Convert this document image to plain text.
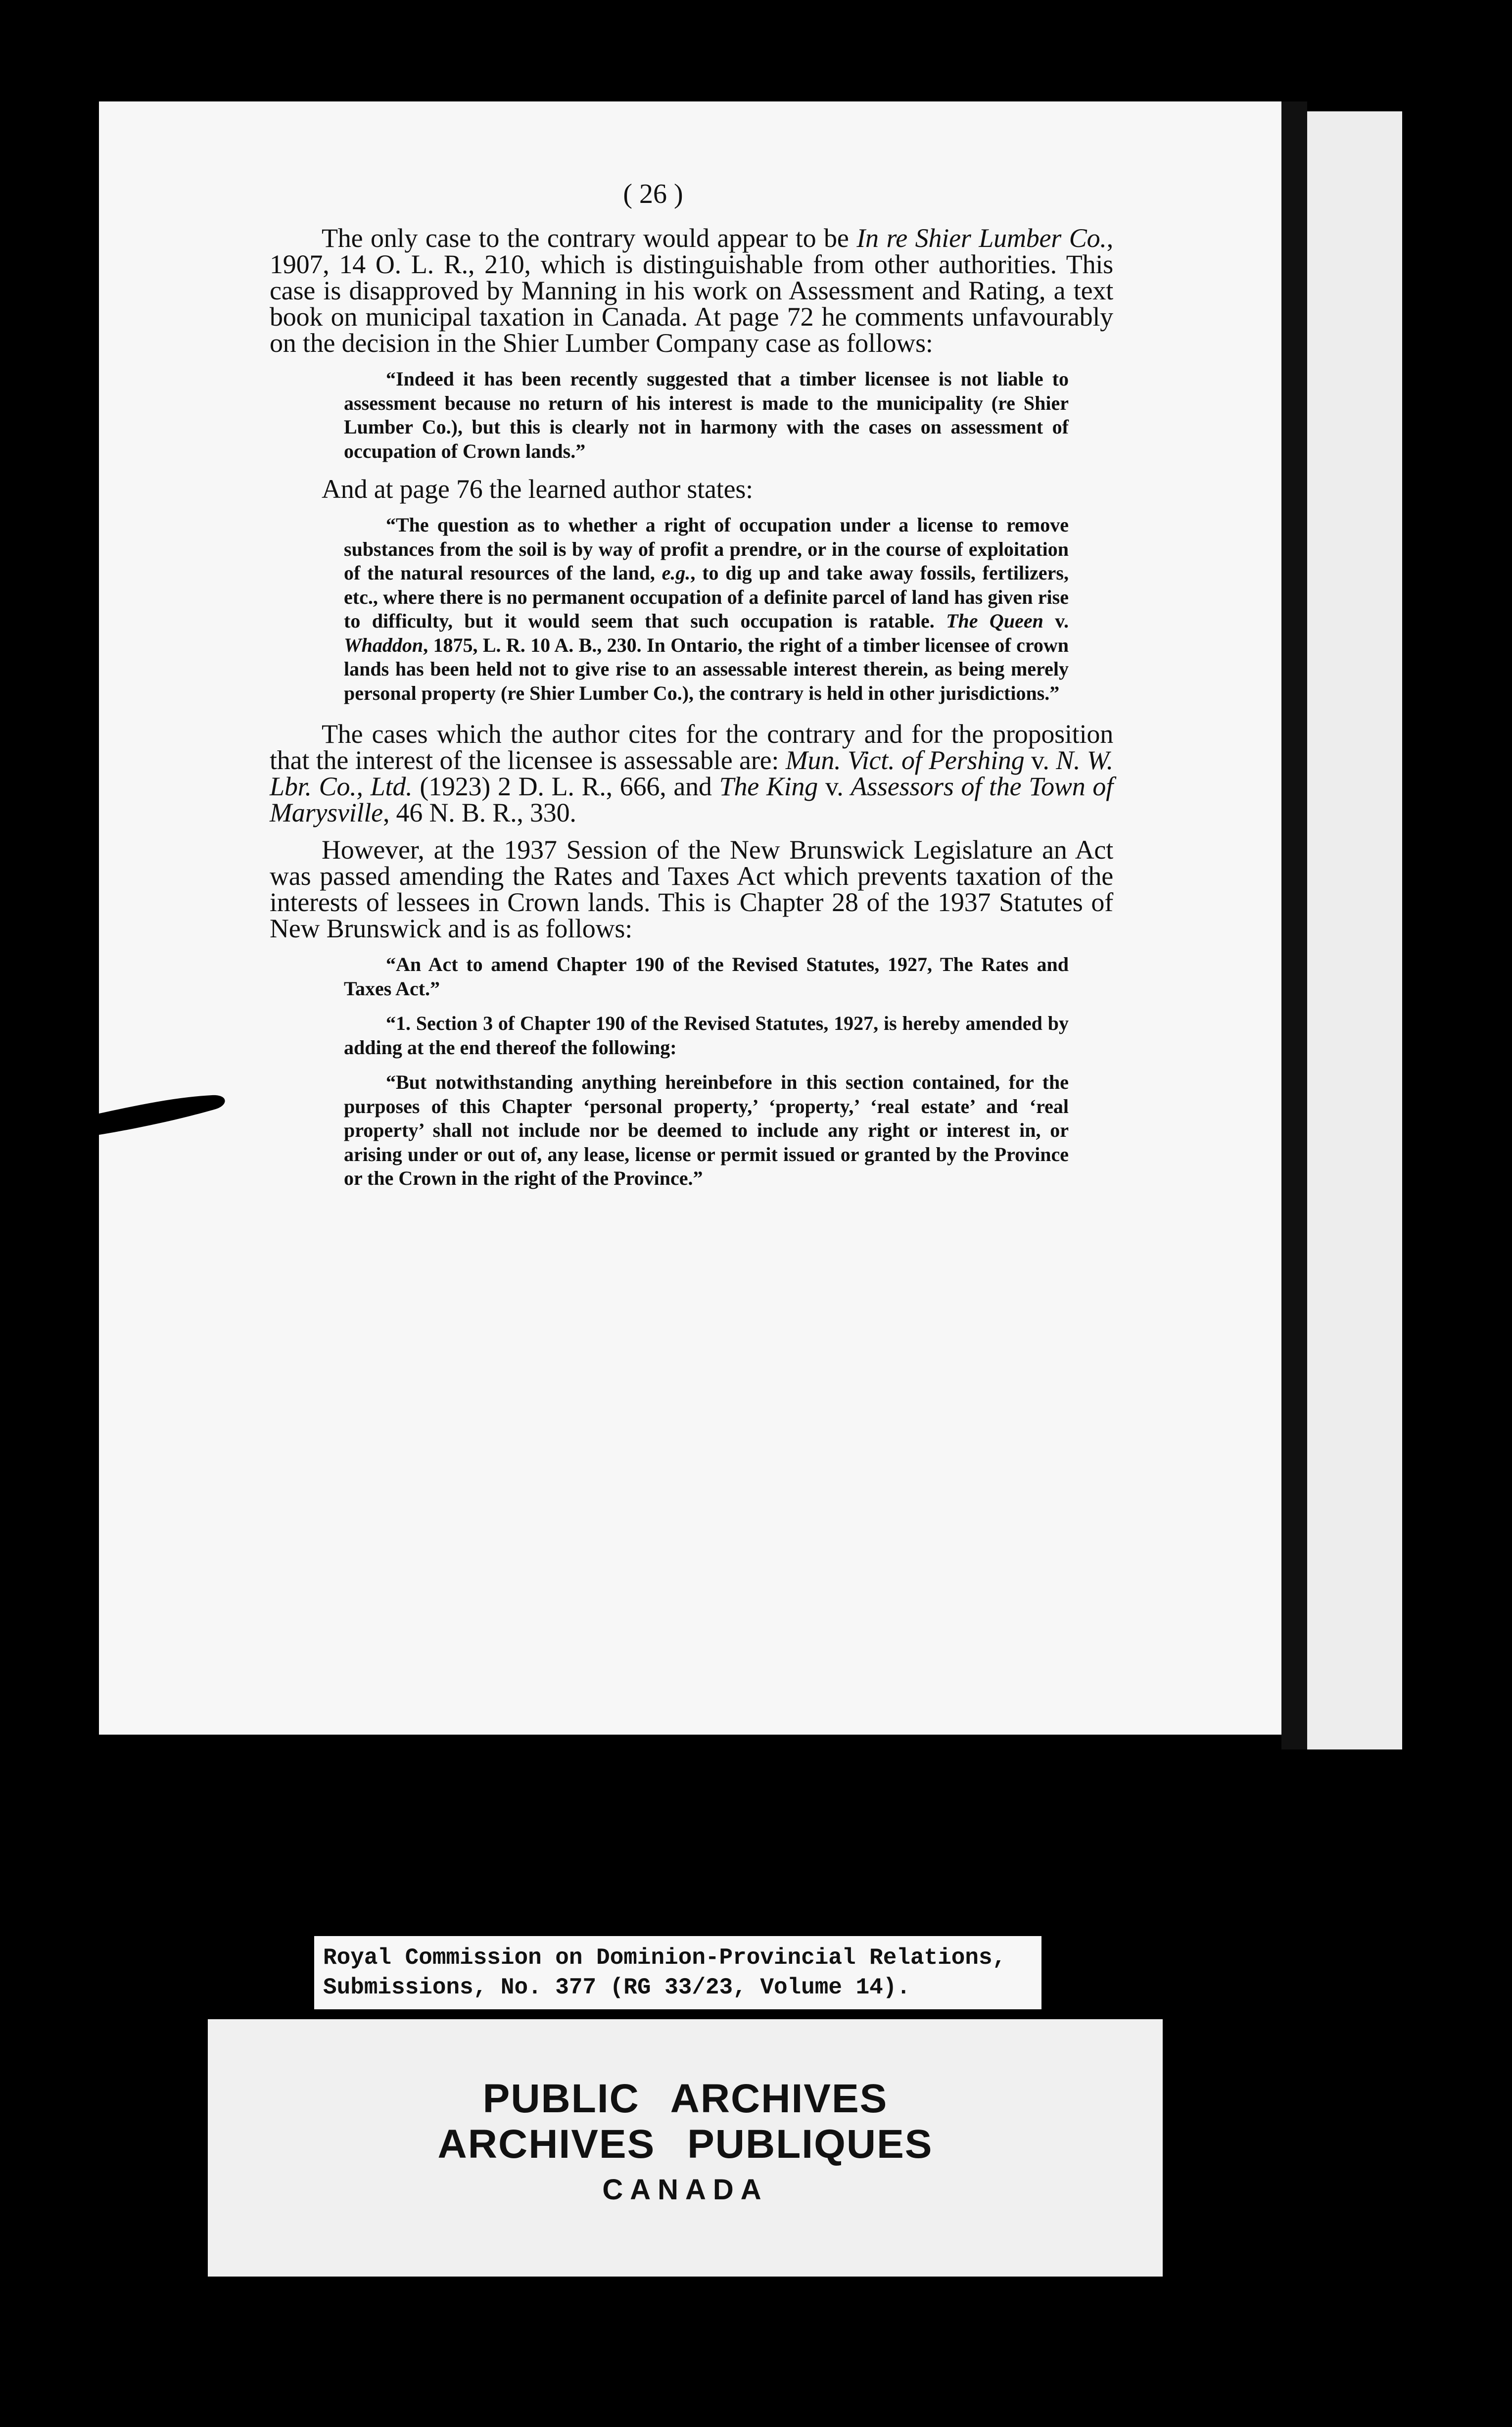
( 26 )

The only case to the contrary would appear to be In re Shier Lumber Co., 1907, 14 O. L. R., 210, which is distinguishable from other authorities. This case is disapproved by Manning in his work on Assessment and Rating, a text book on municipal taxation in Canada. At page 72 he comments unfavourably on the decision in the Shier Lumber Company case as follows:

“Indeed it has been recently suggested that a timber licensee is not liable to assessment because no return of his interest is made to the municipality (re Shier Lumber Co.), but this is clearly not in harmony with the cases on assessment of occupation of Crown lands.”

And at page 76 the learned author states:

“The question as to whether a right of occupation under a license to remove substances from the soil is by way of profit a prendre, or in the course of exploitation of the natural resources of the land, e.g., to dig up and take away fossils, fertilizers, etc., where there is no permanent occupation of a definite parcel of land has given rise to difficulty, but it would seem that such occupation is ratable. The Queen v. Whaddon, 1875, L. R. 10 A. B., 230. In Ontario, the right of a timber licensee of crown lands has been held not to give rise to an assessable interest therein, as being merely personal property (re Shier Lumber Co.), the contrary is held in other jurisdictions.”

The cases which the author cites for the contrary and for the proposition that the interest of the licensee is assessable are: Mun. Vict. of Pershing v. N. W. Lbr. Co., Ltd. (1923) 2 D. L. R., 666, and The King v. Assessors of the Town of Marysville, 46 N. B. R., 330.

However, at the 1937 Session of the New Brunswick Legislature an Act was passed amending the Rates and Taxes Act which prevents taxation of the interests of lessees in Crown lands. This is Chapter 28 of the 1937 Statutes of New Brunswick and is as follows:

“An Act to amend Chapter 190 of the Revised Statutes, 1927, The Rates and Taxes Act.”

“1. Section 3 of Chapter 190 of the Revised Statutes, 1927, is hereby amended by adding at the end thereof the following:

“But notwithstanding anything hereinbefore in this section contained, for the purposes of this Chapter ‘personal property,’ ‘property,’ ‘real estate’ and ‘real property’ shall not include nor be deemed to include any right or interest in, or arising under or out of, any lease, license or permit issued or granted by the Province or the Crown in the right of the Province.”

Royal Commission on Dominion-Provincial Relations,
Submissions, No. 377 (RG 33/23, Volume 14).
PUBLIC ARCHIVES
ARCHIVES PUBLIQUES
CANADA
